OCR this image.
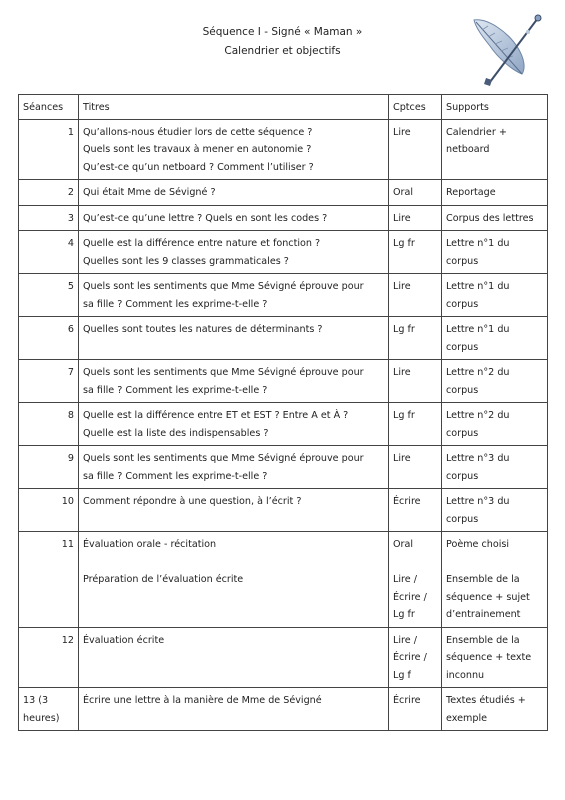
Séquence I - Signé « Maman »
Calendrier et objectifs
Séances	Titres	Cptces	Supports
1	Qu’allons-nous étudier lors de cette séquence ?
Quels sont les travaux à mener en autonomie ?
Qu’est-ce qu’un netboard ? Comment l’utiliser ?	Lire	Calendrier +
netboard

2	Qui était Mme de Sévigné ?	Oral	Reportage

3	Qu’est-ce qu’une lettre ? Quels en sont les codes ?	Lire	Corpus des lettres

4	Quelle est la différence entre nature et fonction ?
Quelles sont les 9 classes grammaticales ?	Lg fr	Lettre n°1 du
corpus

5	Quels sont les sentiments que Mme Sévigné éprouve pour
sa fille ? Comment les exprime-t-elle ?	Lire	Lettre n°1 du
corpus

6	Quelles sont toutes les natures de déterminants ?	Lg fr	Lettre n°1 du
corpus

7	Quels sont les sentiments que Mme Sévigné éprouve pour
sa fille ? Comment les exprime-t-elle ?	Lire	Lettre n°2 du
corpus

8	Quelle est la différence entre ET et EST ? Entre A et À ?
Quelle est la liste des indispensables ?	Lg fr	Lettre n°2 du
corpus

9	Quels sont les sentiments que Mme Sévigné éprouve pour
sa fille ? Comment les exprime-t-elle ?	Lire	Lettre n°3 du
corpus

10	Comment répondre à une question, à l’écrit ?	Écrire	Lettre n°3 du
corpus

11	Évaluation orale - récitation
Préparation de l’évaluation écrite	Oral
Lire /
Écrire /
Lg fr	Poème choisi
Ensemble de la
séquence + sujet
d’entrainement

12	Évaluation écrite	Lire /
Écrire /
Lg f	Ensemble de la
séquence + texte
inconnu

13 (3 heures)	Écrire une lettre à la manière de Mme de Sévigné	Écrire	Textes étudiés +
exemple
